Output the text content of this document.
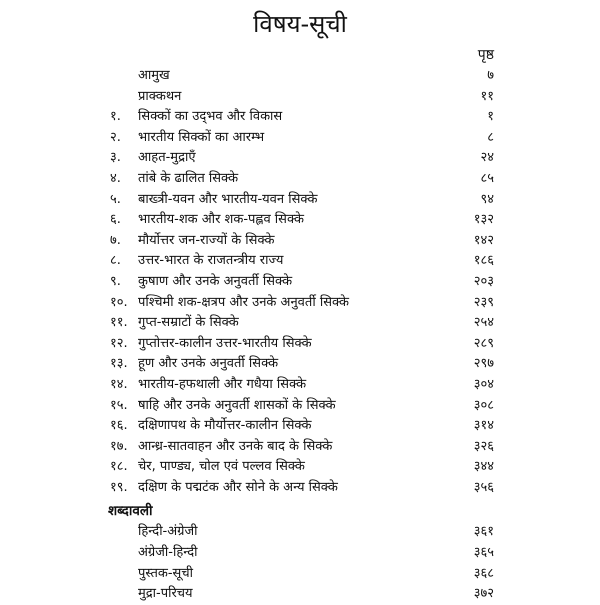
विषय-सूची
पृष्ठ
आमुख	७
प्राक्कथन	११
१.	सिक्कों का उद्‌भव और विकास	१
२.	भारतीय सिक्कों का आरम्भ	८
३.	आहत-मुद्राएँ	२४
४.	तांबे के ढालित सिक्के	८५
५.	बाख्त्री-यवन और भारतीय-यवन सिक्के	९४
६.	भारतीय-शक और शक-पह्लव सिक्के	१३२
७.	मौर्योत्तर जन-राज्यों के सिक्के	१४२
८.	उत्तर-भारत के राजतन्त्रीय राज्य	१८६
९.	कुषाण और उनके अनुवर्ती सिक्के	२०३
१०. पश्चिमी शक-क्षत्रप और उनके अनुवर्ती सिक्के	२३९
११. गुप्त-सम्राटों के सिक्के	२५४
१२. गुप्तोत्तर-कालीन उत्तर-भारतीय सिक्के	२८९
१३. हूण और उनके अनुवर्ती सिक्के	२९७
१४. भारतीय-हफथाली और गधैया सिक्के	३०४
१५. षाहि और उनके अनुवर्ती शासकों के सिक्के	३०८
१६. दक्षिणापथ के मौर्योत्तर-कालीन सिक्के	३१४
१७. आन्ध्र-सातवाहन और उनके बाद के सिक्के	३२६
१८. चेर, पाण्ड्य, चोल एवं पल्लव सिक्के	३४४
१९. दक्षिण के पद्मटंक और सोने के अन्य सिक्के	३५६
शब्दावली
हिन्दी-अंग्रेजी	३६१
अंग्रेजी-हिन्दी	३६५
पुस्तक-सूची	३६८
मुद्रा-परिचय	३७२
